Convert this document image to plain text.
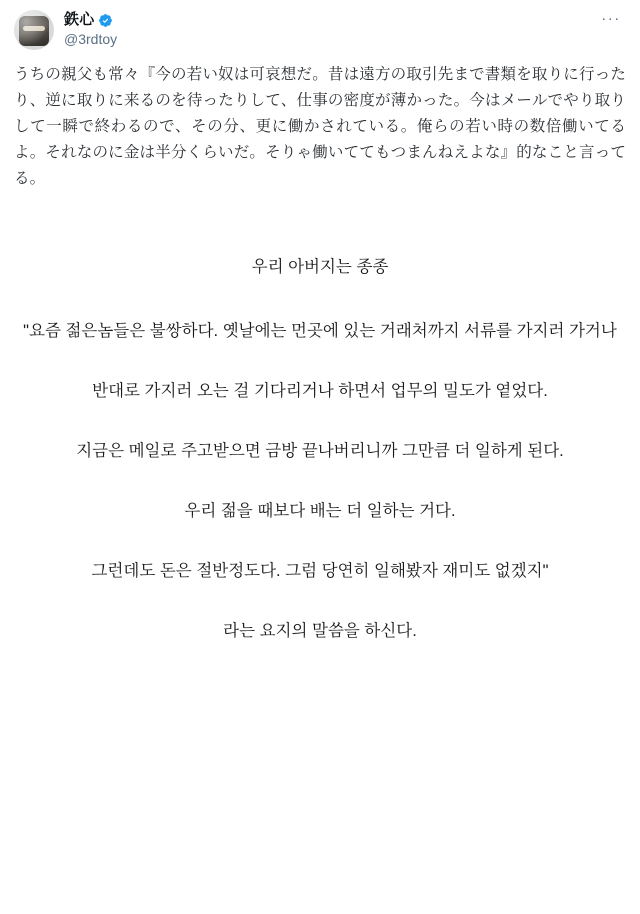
鉄心
@3rdtoy
···
うちの親父も常々『今の若い奴は可哀想だ。昔は遠方の取引先まで書類を取りに行ったり、逆に取りに来るのを待ったりして、仕事の密度が薄かった。今はメールでやり取りして一瞬で終わるので、その分、更に働かされている。俺らの若い時の数倍働いてるよ。それなのに金は半分くらいだ。そりゃ働いててもつまんねえよな』的なこと言ってる。

우리 아버지는 종종

"요즘 젊은놈들은 불쌍하다. 옛날에는 먼곳에 있는 거래처까지 서류를 가지러 가거나

반대로 가지러 오는 걸 기다리거나 하면서 업무의 밀도가 옅었다.

지금은 메일로 주고받으면 금방 끝나버리니까 그만큼 더 일하게 된다.

우리 젊을 때보다 배는 더 일하는 거다.

그런데도 돈은 절반정도다. 그럼 당연히 일해봤자 재미도 없겠지"

라는 요지의 말씀을 하신다.
